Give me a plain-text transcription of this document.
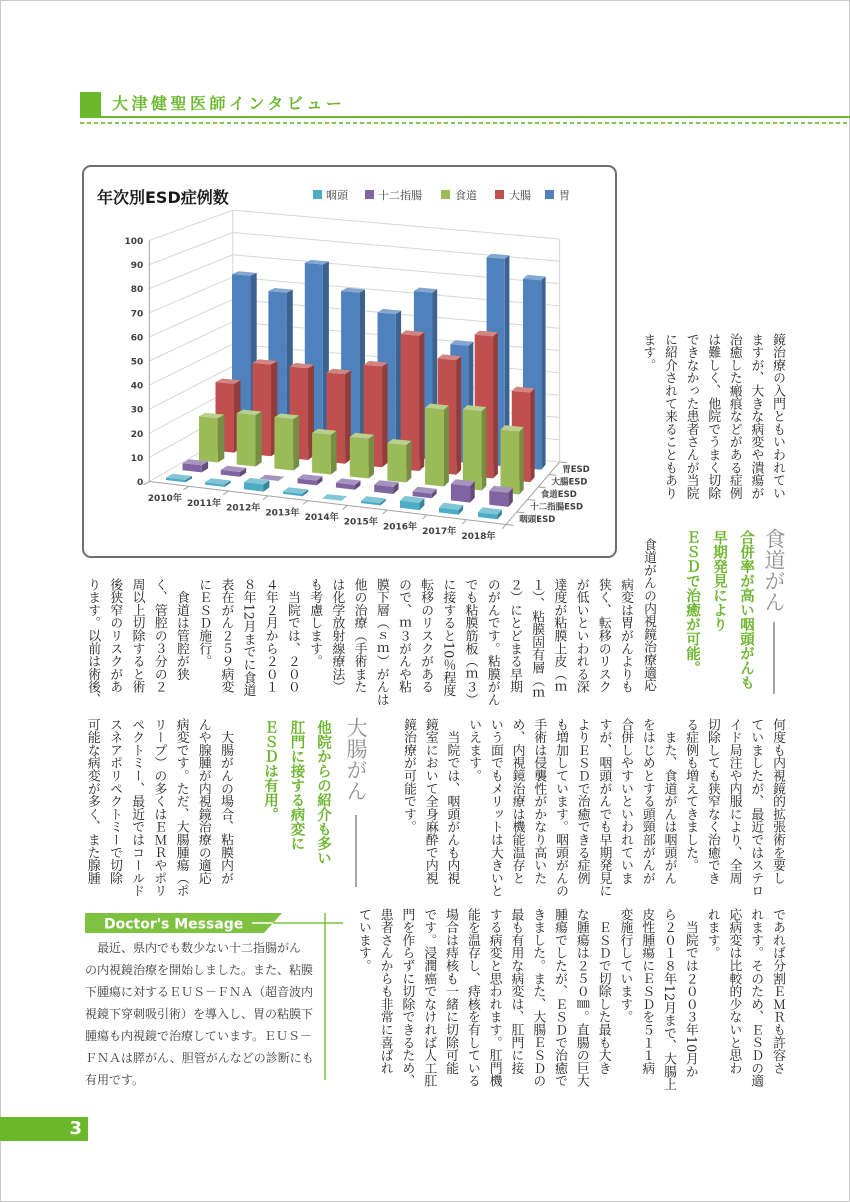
大津健聖医師インタビュー
年次別ESD症例数	咽頭	十二指腸	食道	大腸	胃
0
10
20
30
40
50
60
70
80
90
100
2010年 2011年 2012年 2013年 2014年 2015年 2016年 2017年 2018年
咽頭ESD
十二指腸ESD
食道ESD
大腸ESD
胃ESD	鏡治療の入門ともいわれてい
ますが、大きな病変や潰瘍が
治癒した瘢痕などがある症例
は難しく、他院でうまく切除
できなかった患者さんが当院
に紹介されて来ることもあり
ます。
食道がん
合併率が高い咽頭がんも
早期発見により
ＥＳＤで治癒が可能。
食道がんの内視鏡治療適応
病変は胃がんよりも
狭く、転移のリスク
が低いといわれる深
達度が粘膜上皮（ｍ
１）、粘膜固有層（ｍ
２）にとどまる早期
のがんです。粘膜がん
でも粘膜筋板（ｍ３）
に接すると10％程度
転移のリスクがある
ので、ｍ３がんや粘
膜下層（ｓｍ）がんは
他の治療（手術また
は化学放射線療法）
も考慮します。
　当院では、２００
４年２月から２０１
８年12月までに食道
表在がん２５９病変
にＥＳＤ施行。
　食道は管腔が狭
く、管腔の３分の２
周以上切除すると術
後狭窄のリスクがあ
ります。以前は術後、
何度も内視鏡的拡張術を要し
ていましたが、最近ではステロ
イド局注や内服により、全周
切除しても狭窄なく治癒でき
る症例も増えてきました。
　また、食道がんは咽頭がん
をはじめとする頭頸部がんが
合併しやすいといわれていま
すが、咽頭がんでも早期発見に
よりＥＳＤで治癒できる症例
も増加しています。咽頭がんの
手術は侵襲性がかなり高いた
め、内視鏡治療は機能温存と
いう面でもメリットは大きいと
いえます。
　当院では、咽頭がんも内視
鏡室において全身麻酔で内視
鏡治療が可能です。
大腸がん
他院からの紹介も多い
肛門に接する病変に
ＥＳＤは有用。
　大腸がんの場合、粘膜内が
んや腺腫が内視鏡治療の適応
病変です。ただ、大腸腫瘍（ポ
リープ）の多くはＥＭＲやポリ
ペクトミー、最近ではコールド
スネアポリペクトミーで切除
可能な病変が多く、また腺腫
であれば分割ＥＭＲも許容さ
れます。そのため、ＥＳＤの適
応病変は比較的少ないと思わ
れます。
　当院では２００３年10月か
ら２０１８年12月まで、大腸上
皮性腫瘍にＥＳＤを５１１病
変施行しています。
　ＥＳＤで切除した最も大き
な腫瘍は２５０㎜。直腸の巨大
腫瘍でしたが、ＥＳＤで治癒で
きました。また、大腸ＥＳＤの
最も有用な病変は、肛門に接
する病変と思われます。肛門機
能を温存し、痔核を有している
場合は痔核も一緒に切除可能
です。浸潤癌でなければ人工肛
門を作らずに切除できるため、
患者さんからも非常に喜ばれ
ています。
Doctor's Message
　最近、県内でも数少ない十二指腸がん
の内視鏡治療を開始しました。また、粘膜
下腫瘍に対するＥＵＳ－ＦＮＡ（超音波内
視鏡下穿刺吸引術）を導入し、胃の粘膜下
腫瘍も内視鏡で治療しています。ＥＵＳ－
ＦＮＡは膵がん、胆管がんなどの診断にも
有用です。
3
